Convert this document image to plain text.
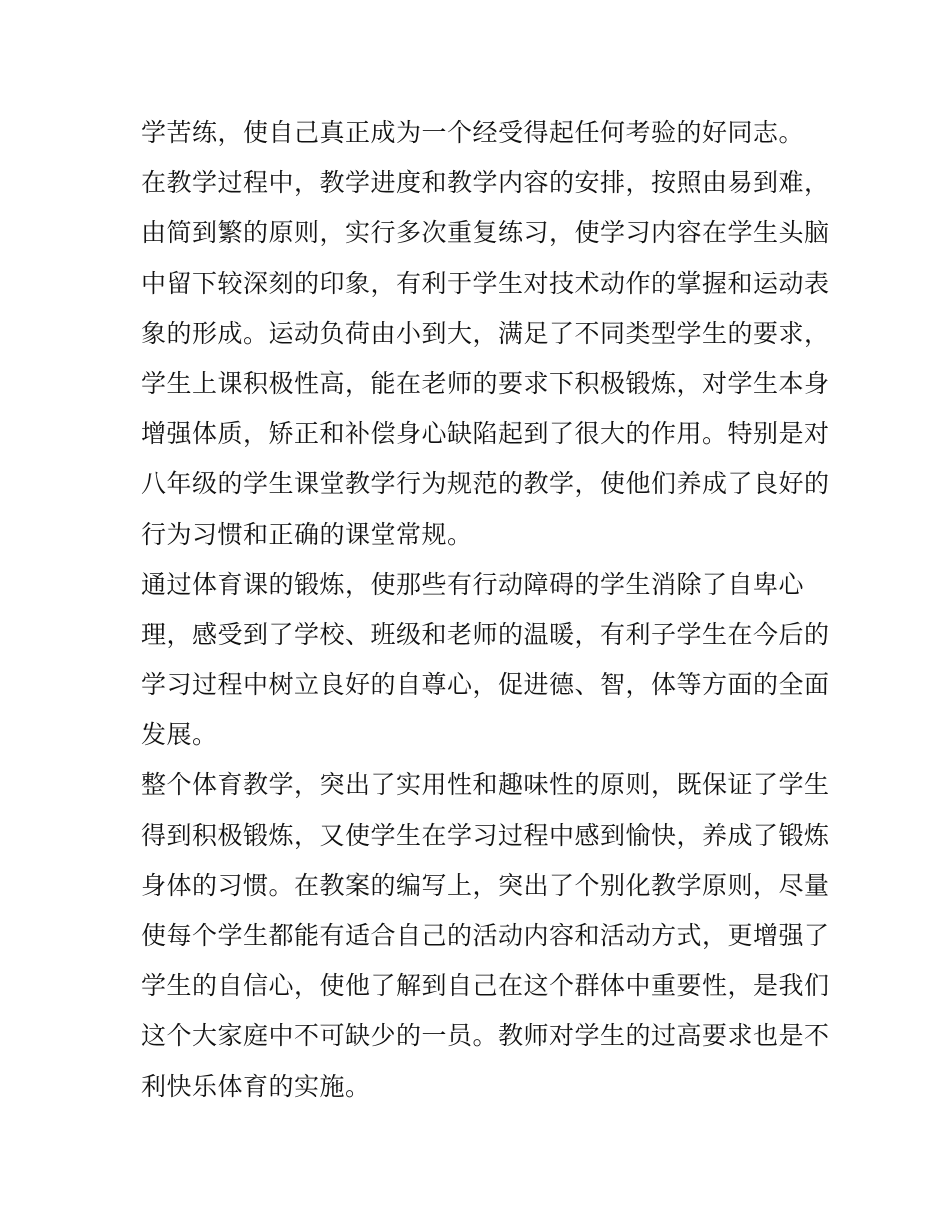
学苦练，使自己真正成为一个经受得起任何考验的好同志。
在教学过程中，教学进度和教学内容的安排，按照由易到难，
由简到繁的原则，实行多次重复练习，使学习内容在学生头脑
中留下较深刻的印象，有利于学生对技术动作的掌握和运动表
象的形成。运动负荷由小到大，满足了不同类型学生的要求，
学生上课积极性高，能在老师的要求下积极锻炼，对学生本身
增强体质，矫正和补偿身心缺陷起到了很大的作用。特别是对
八年级的学生课堂教学行为规范的教学，使他们养成了良好的
行为习惯和正确的课堂常规。
通过体育课的锻炼，使那些有行动障碍的学生消除了自卑心
理，感受到了学校、班级和老师的温暖，有利子学生在今后的
学习过程中树立良好的自尊心，促进德、智，体等方面的全面
发展。
整个体育教学，突出了实用性和趣味性的原则，既保证了学生
得到积极锻炼，又使学生在学习过程中感到愉快，养成了锻炼
身体的习惯。在教案的编写上，突出了个别化教学原则，尽量
使每个学生都能有适合自己的活动内容和活动方式，更增强了
学生的自信心，使他了解到自己在这个群体中重要性，是我们
这个大家庭中不可缺少的一员。教师对学生的过高要求也是不
利快乐体育的实施。
